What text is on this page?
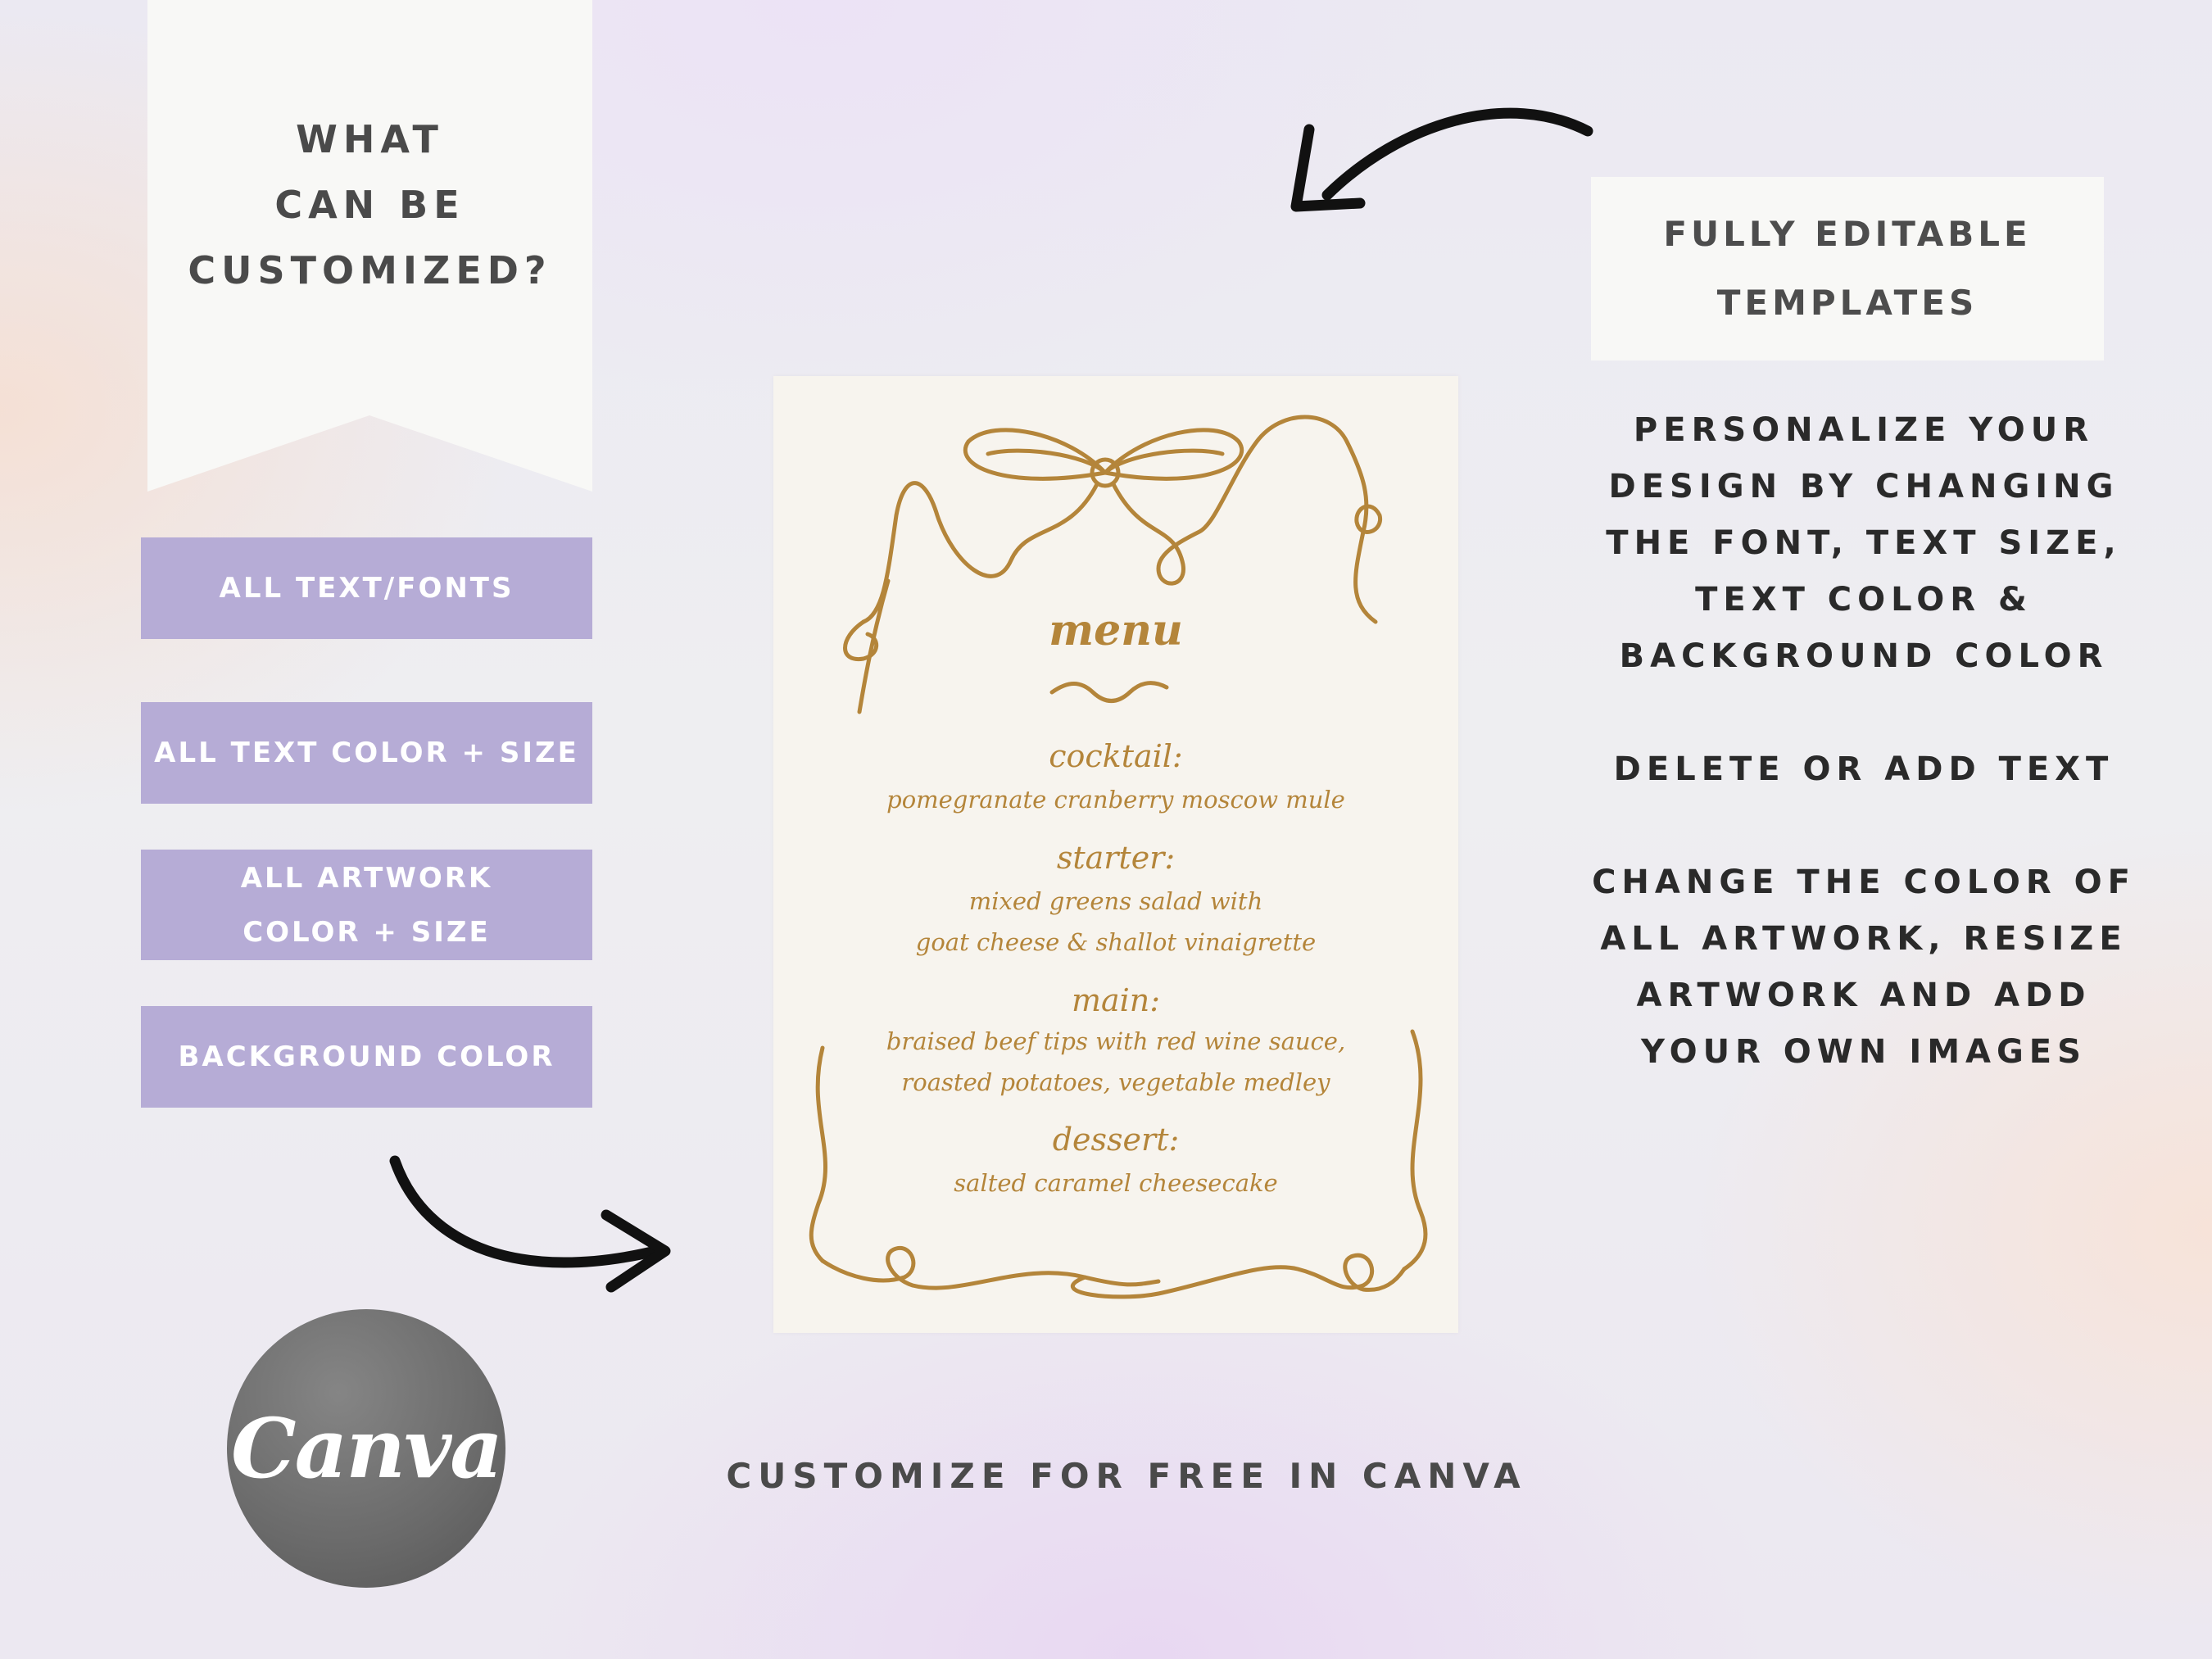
WHAT
CAN BE
CUSTOMIZED?
ALL TEXT/FONTS
ALL TEXT COLOR + SIZE
ALL ARTWORK
COLOR + SIZE
BACKGROUND COLOR
menu
cocktail:
pomegranate cranberry moscow mule
starter:
mixed greens salad with
goat cheese & shallot vinaigrette
main:
braised beef tips with red wine sauce,
roasted potatoes, vegetable medley
dessert:
salted caramel cheesecake
FULLY EDITABLE
TEMPLATES
PERSONALIZE YOUR
DESIGN BY CHANGING
THE FONT, TEXT SIZE,
TEXT COLOR &
BACKGROUND COLOR
DELETE OR ADD TEXT
CHANGE THE COLOR OF
ALL ARTWORK, RESIZE
ARTWORK AND ADD
YOUR OWN IMAGES
Canva	CUSTOMIZE FOR FREE IN CANVA
